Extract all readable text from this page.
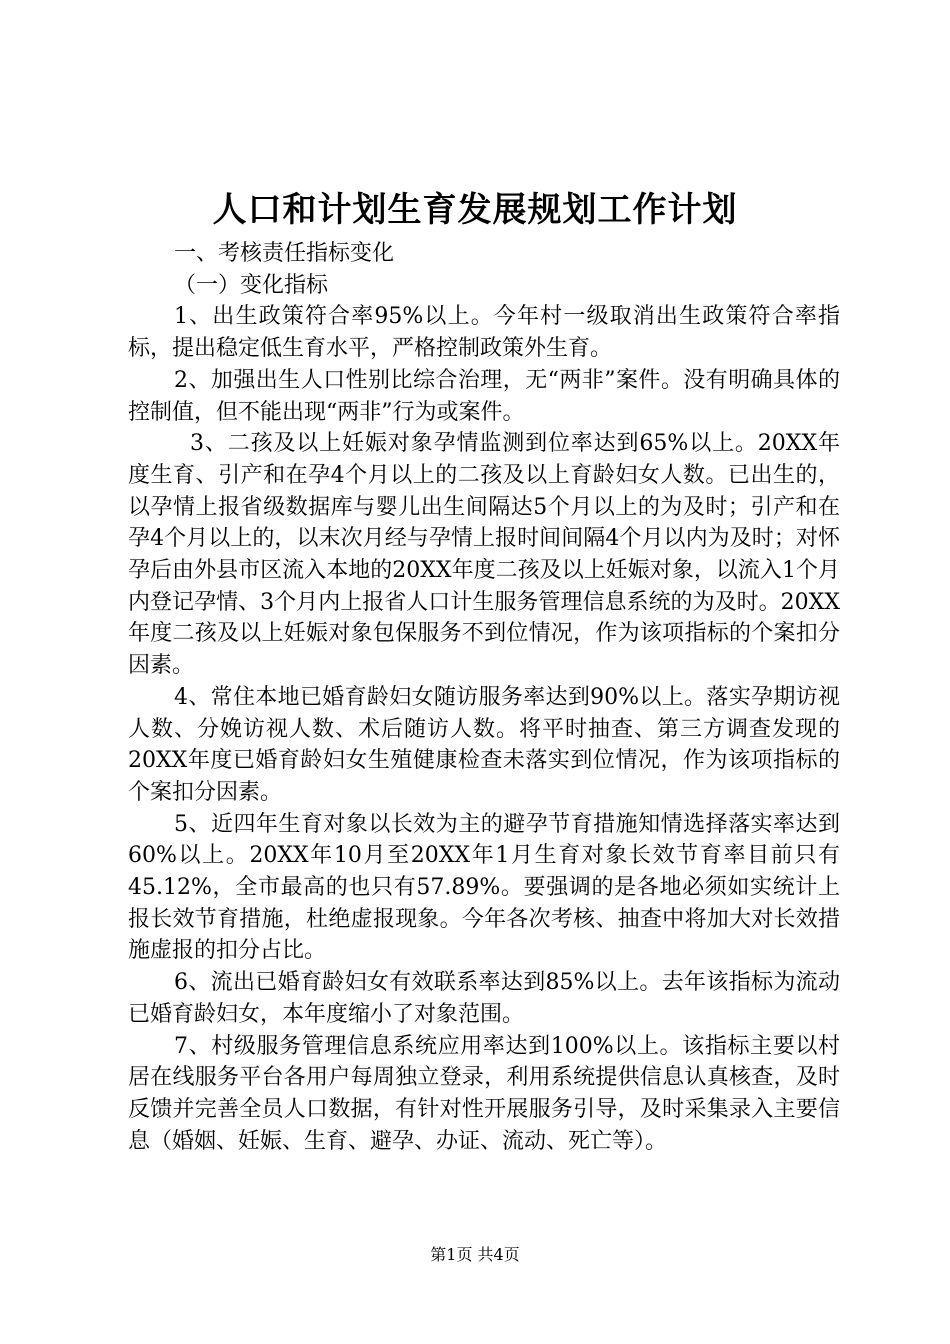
人口和计划生育发展规划工作计划

一、考核责任指标变化

（一）变化指标

1、出生政策符合率95%以上。今年村一级取消出生政策符合率指标，提出稳定低生育水平，严格控制政策外生育。

2、加强出生人口性别比综合治理，无“两非”案件。没有明确具体的控制值，但不能出现“两非”行为或案件。

3、二孩及以上妊娠对象孕情监测到位率达到65%以上。20XX年度生育、引产和在孕4个月以上的二孩及以上育龄妇女人数。已出生的，以孕情上报省级数据库与婴儿出生间隔达5个月以上的为及时；引产和在孕4个月以上的，以末次月经与孕情上报时间间隔4个月以内为及时；对怀孕后由外县市区流入本地的20XX年度二孩及以上妊娠对象，以流入1个月内登记孕情、3个月内上报省人口计生服务管理信息系统的为及时。20XX年度二孩及以上妊娠对象包保服务不到位情况，作为该项指标的个案扣分因素。

4、常住本地已婚育龄妇女随访服务率达到90%以上。落实孕期访视人数、分娩访视人数、术后随访人数。将平时抽查、第三方调查发现的20XX年度已婚育龄妇女生殖健康检查未落实到位情况，作为该项指标的个案扣分因素。

5、近四年生育对象以长效为主的避孕节育措施知情选择落实率达到60%以上。20XX年10月至20XX年1月生育对象长效节育率目前只有45.12%，全市最高的也只有57.89%。要强调的是各地必须如实统计上报长效节育措施，杜绝虚报现象。今年各次考核、抽查中将加大对长效措施虚报的扣分占比。

6、流出已婚育龄妇女有效联系率达到85%以上。去年该指标为流动已婚育龄妇女，本年度缩小了对象范围。

7、村级服务管理信息系统应用率达到100%以上。该指标主要以村居在线服务平台各用户每周独立登录，利用系统提供信息认真核查，及时反馈并完善全员人口数据，有针对性开展服务引导，及时采集录入主要信息（婚姻、妊娠、生育、避孕、办证、流动、死亡等）。

第1页 共4页
